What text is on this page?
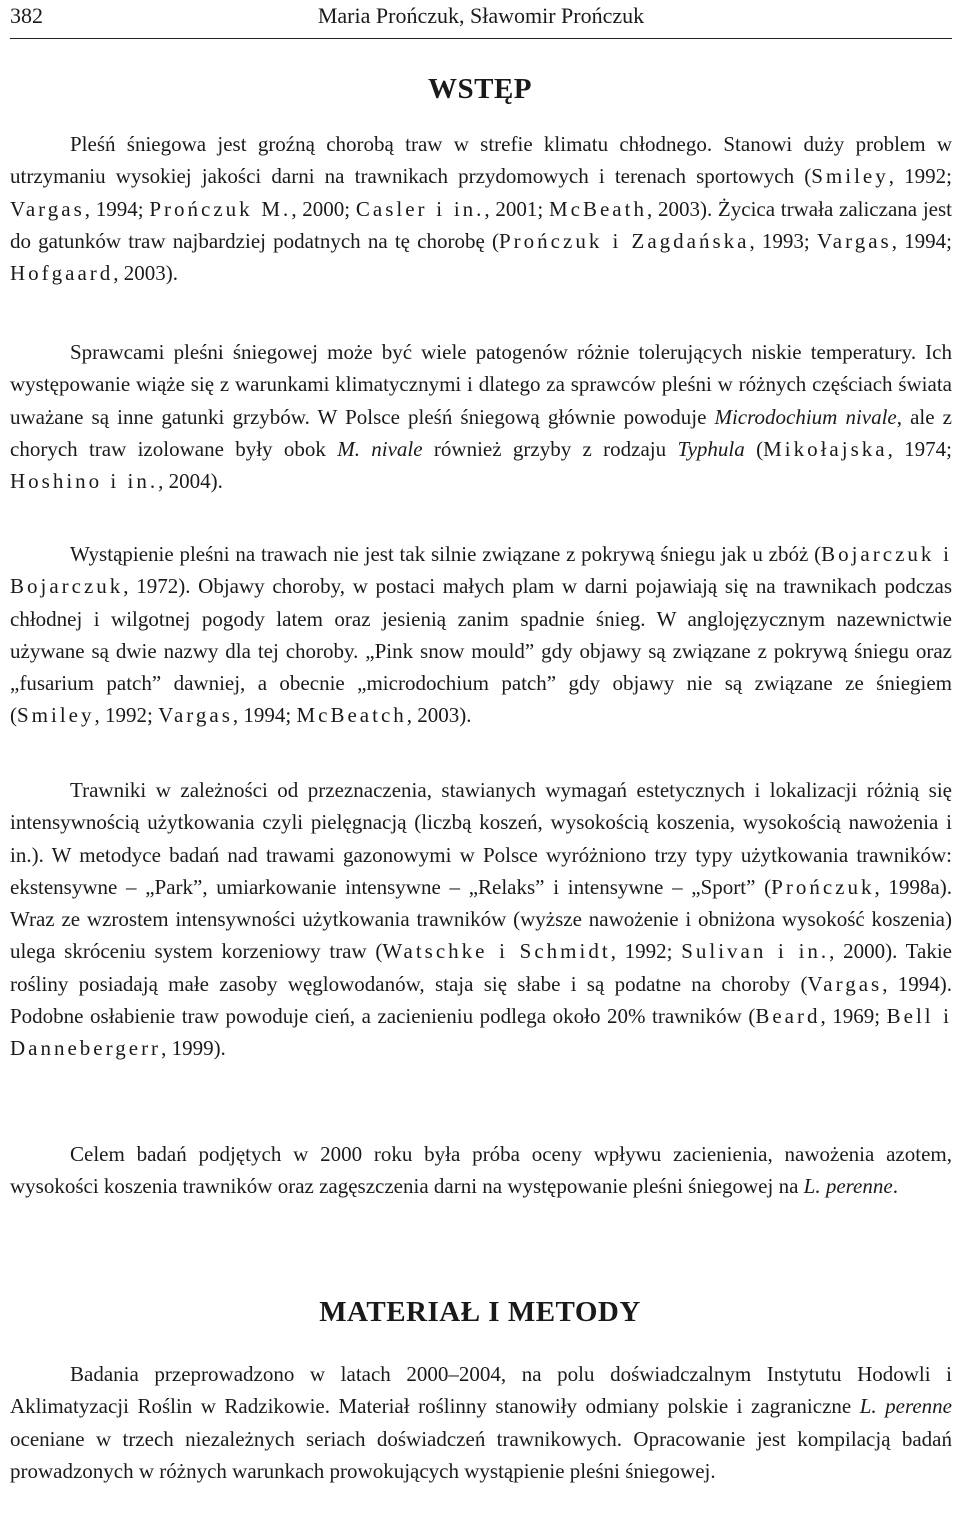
382	Maria Prończuk, Sławomir Prończuk
WSTĘP

Pleśń śniegowa jest groźną chorobą traw w strefie klimatu chłodnego. Stanowi duży problem w utrzymaniu wysokiej jakości darni na trawnikach przydomowych i terenach sportowych (Smiley, 1992; Vargas, 1994; Prończuk M., 2000; Casler i in., 2001; McBeath, 2003). Życica trwała zaliczana jest do gatunków traw najbardziej podatnych na tę chorobę (Prończuk i Zagdańska, 1993; Vargas, 1994; Hofgaard, 2003).

Sprawcami pleśni śniegowej może być wiele patogenów różnie tolerujących niskie temperatury. Ich występowanie wiąże się z warunkami klimatycznymi i dlatego za sprawców pleśni w różnych częściach świata uważane są inne gatunki grzybów. W Polsce pleśń śniegową głównie powoduje Microdochium nivale, ale z chorych traw izolowane były obok M. nivale również grzyby z rodzaju Typhula (Mikołajska, 1974; Hoshino i in., 2004).

Wystąpienie pleśni na trawach nie jest tak silnie związane z pokrywą śniegu jak u zbóż (Bojarczuk i Bojarczuk, 1972). Objawy choroby, w postaci małych plam w darni pojawiają się na trawnikach podczas chłodnej i wilgotnej pogody latem oraz jesienią zanim spadnie śnieg. W anglojęzycznym nazewnictwie używane są dwie nazwy dla tej choroby. „Pink snow mould” gdy objawy są związane z pokrywą śniegu oraz „fusarium patch” dawniej, a obecnie „microdochium patch” gdy objawy nie są związane ze śniegiem (Smiley, 1992; Vargas, 1994; McBeatch, 2003).

Trawniki w zależności od przeznaczenia, stawianych wymagań estetycznych i lokalizacji różnią się intensywnością użytkowania czyli pielęgnacją (liczbą koszeń, wysokością koszenia, wysokością nawożenia i in.). W metodyce badań nad trawami gazonowymi w Polsce wyróżniono trzy typy użytkowania trawników: ekstensywne – „Park”, umiarkowanie intensywne – „Relaks” i intensywne – „Sport” (Prończuk, 1998a). Wraz ze wzrostem intensywności użytkowania trawników (wyższe nawożenie i obniżona wysokość koszenia) ulega skróceniu system korzeniowy traw (Watschke i Schmidt, 1992; Sulivan i in., 2000). Takie rośliny posiadają małe zasoby węglowodanów, staja się słabe i są podatne na choroby (Vargas, 1994). Podobne osłabienie traw powoduje cień, a zacienieniu podlega około 20% trawników (Beard, 1969; Bell i Dannebergerr, 1999).

Celem badań podjętych w 2000 roku była próba oceny wpływu zacienienia, nawożenia azotem, wysokości koszenia trawników oraz zagęszczenia darni na występowanie pleśni śniegowej na L. perenne.

MATERIAŁ I METODY

Badania przeprowadzono w latach 2000–2004, na polu doświadczalnym Instytutu Hodowli i Aklimatyzacji Roślin w Radzikowie. Materiał roślinny stanowiły odmiany polskie i zagraniczne L. perenne oceniane w trzech niezależnych seriach doświadczeń trawnikowych. Opracowanie jest kompilacją badań prowadzonych w różnych warunkach prowokujących wystąpienie pleśni śniegowej.
